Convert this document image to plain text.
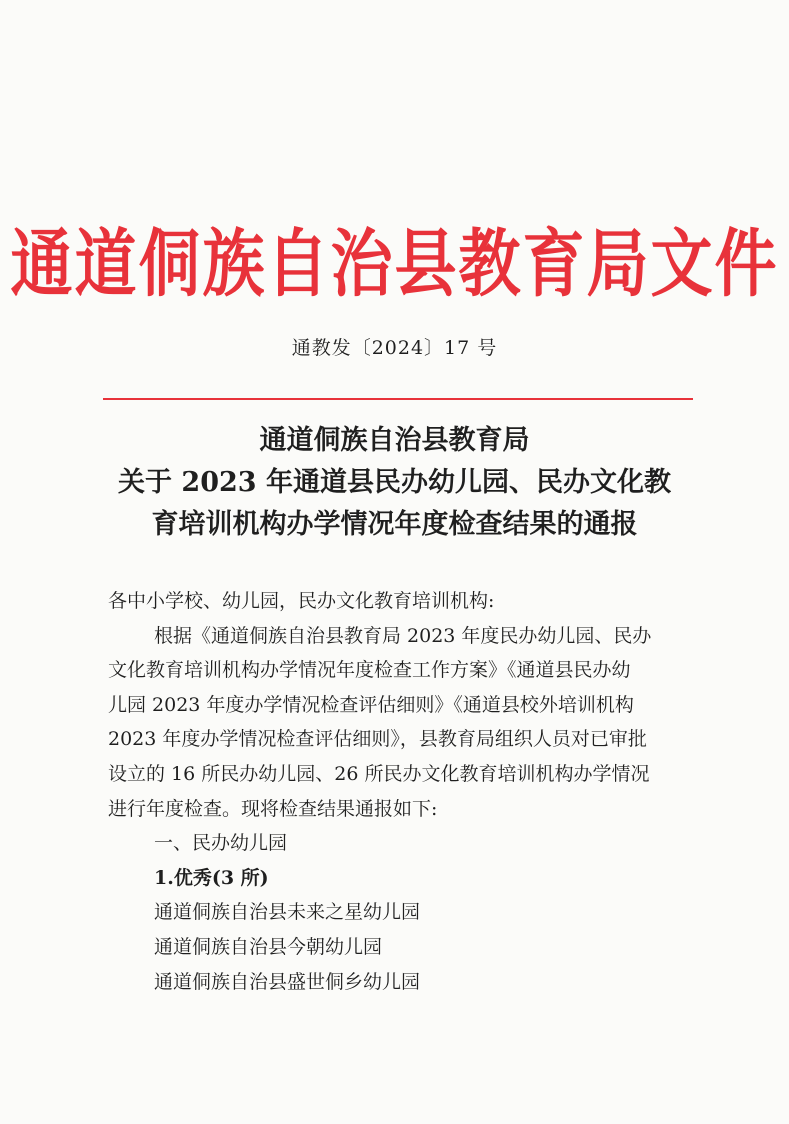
通道侗族自治县教育局文件
通教发〔2024〕17 号
通道侗族自治县教育局
关于 2023 年通道县民办幼儿园、民办文化教
育培训机构办学情况年度检查结果的通报

各中小学校、幼儿园，民办文化教育培训机构:

根据《通道侗族自治县教育局 2023 年度民办幼儿园、民办

文化教育培训机构办学情况年度检查工作方案》《通道县民办幼

儿园 2023 年度办学情况检查评估细则》《通道县校外培训机构

2023 年度办学情况检查评估细则》，县教育局组织人员对已审批

设立的 16 所民办幼儿园、26 所民办文化教育培训机构办学情况

进行年度检查。现将检查结果通报如下:

一、民办幼儿园

1.优秀(3 所)

通道侗族自治县未来之星幼儿园

通道侗族自治县今朝幼儿园

通道侗族自治县盛世侗乡幼儿园
